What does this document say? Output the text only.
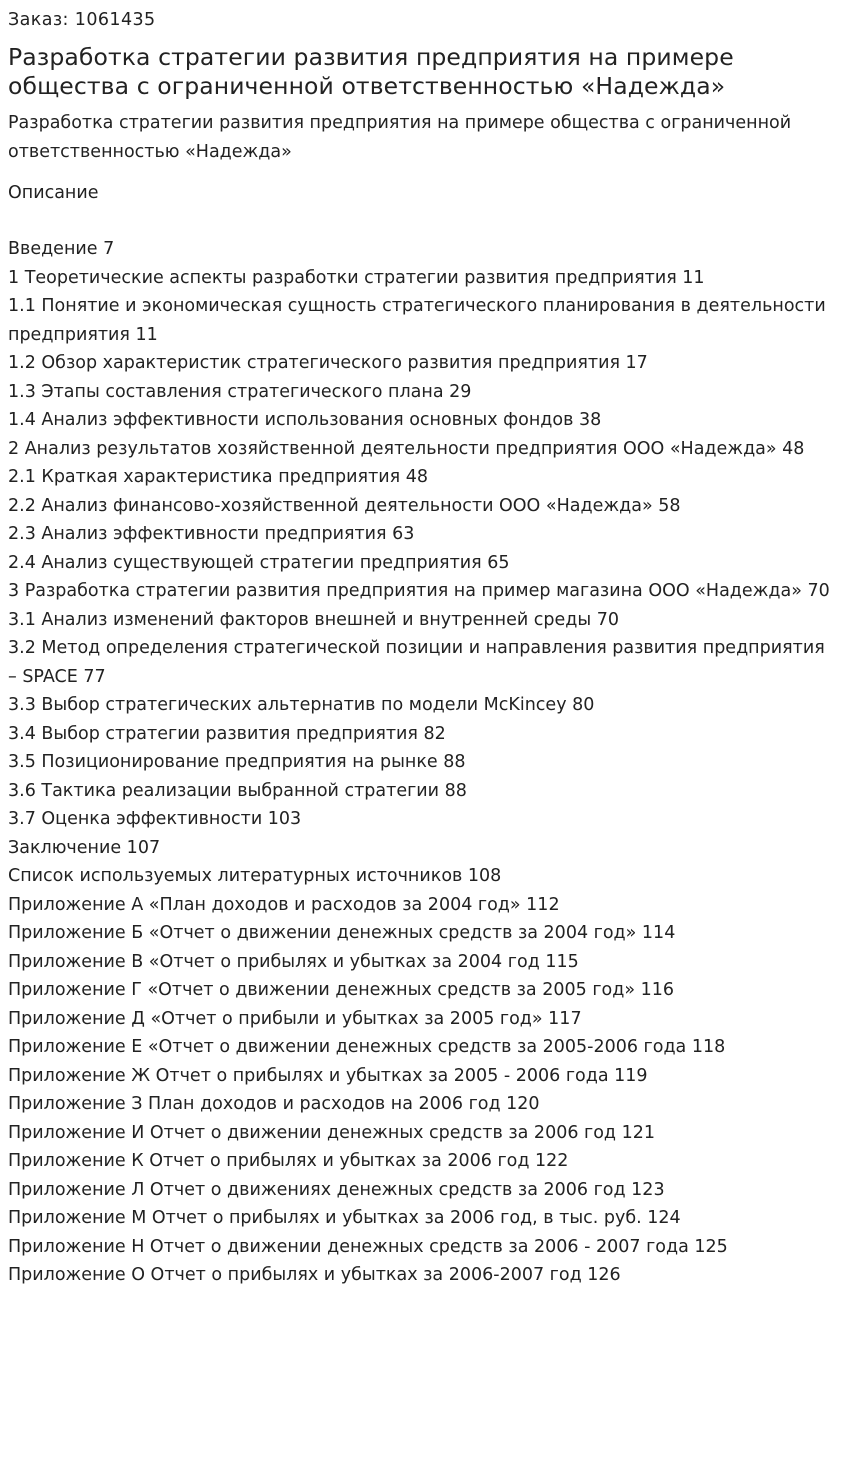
Заказ: 1061435
Разработка стратегии развития предприятия на примере общества с ограниченной ответственностью «Надежда»
Разработка стратегии развития предприятия на примере общества с ограниченной ответственностью «Надежда»
Описание
Введение 7
1 Теоретические аспекты разработки стратегии развития предприятия 11
1.1 Понятие и экономическая сущность стратегического планирования в деятельности предприятия 11
1.2 Обзор характеристик стратегического развития предприятия 17
1.3 Этапы составления стратегического плана 29
1.4 Анализ эффективности использования основных фондов 38
2 Анализ результатов хозяйственной деятельности предприятия ООО «Надежда» 48
2.1 Краткая характеристика предприятия 48
2.2 Анализ финансово-хозяйственной деятельности ООО «Надежда» 58
2.3 Анализ эффективности предприятия 63
2.4 Анализ существующей стратегии предприятия 65
3 Разработка стратегии развития предприятия на пример магазина ООО «Надежда» 70
3.1 Анализ изменений факторов внешней и внутренней среды 70
3.2 Метод определения стратегической позиции и направления развития предприятия
– SPACE 77
3.3 Выбор стратегических альтернатив по модели McKincey 80
3.4 Выбор стратегии развития предприятия 82
3.5 Позиционирование предприятия на рынке 88
3.6 Тактика реализации выбранной стратегии 88
3.7 Оценка эффективности 103
Заключение 107
Список используемых литературных источников 108
Приложение А «План доходов и расходов за 2004 год» 112
Приложение Б «Отчет о движении денежных средств за 2004 год» 114
Приложение В «Отчет о прибылях и убытках за 2004 год 115
Приложение Г «Отчет о движении денежных средств за 2005 год» 116
Приложение Д «Отчет о прибыли и убытках за 2005 год» 117
Приложение Е «Отчет о движении денежных средств за 2005-2006 года 118
Приложение Ж Отчет о прибылях и убытках за 2005 - 2006 года 119
Приложение З План доходов и расходов на 2006 год 120
Приложение И Отчет о движении денежных средств за 2006 год 121
Приложение К Отчет о прибылях и убытках за 2006 год 122
Приложение Л Отчет о движениях денежных средств за 2006 год 123
Приложение М Отчет о прибылях и убытках за 2006 год, в тыс. руб. 124
Приложение Н Отчет о движении денежных средств за 2006 - 2007 года 125
Приложение О Отчет о прибылях и убытках за 2006-2007 год 126
